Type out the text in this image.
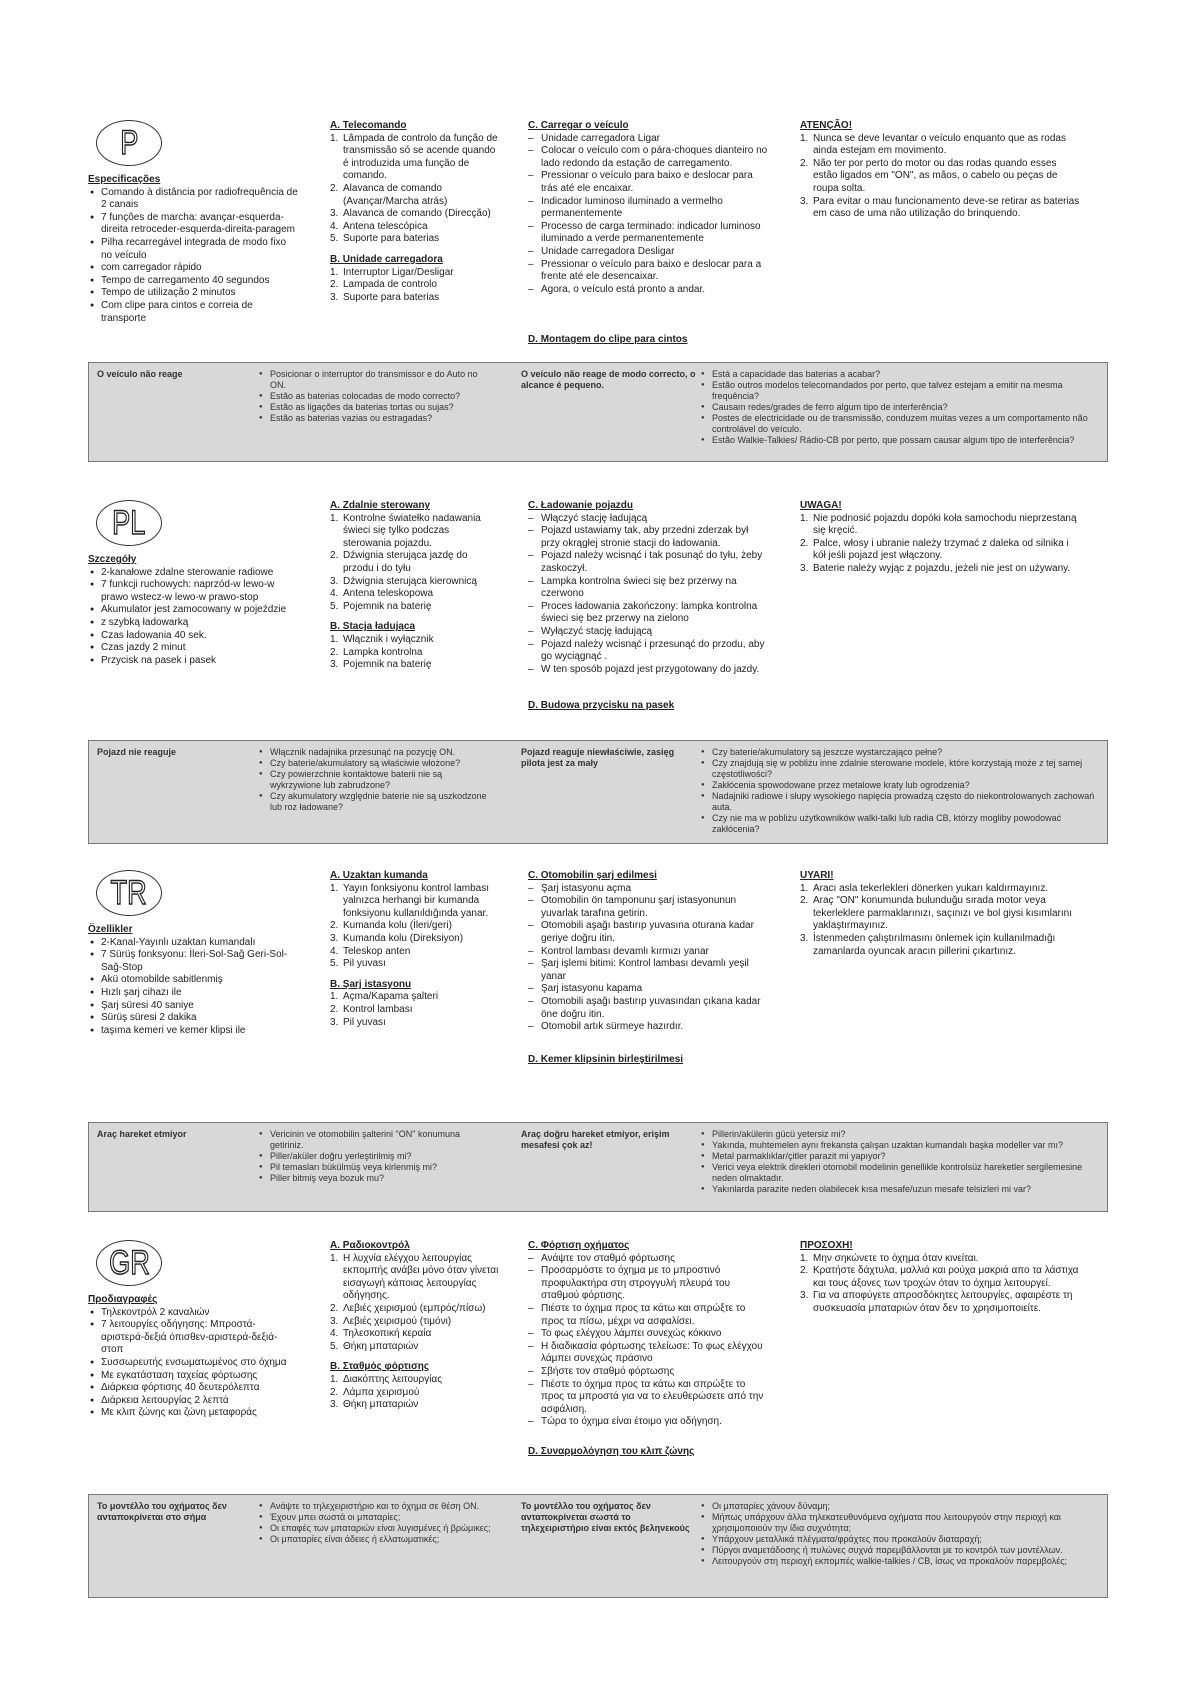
P
Especificações
● Comando à distância por radiofrequência de 2 canais
● 7 funções de marcha: avançar-esquerda-direita retroceder-esquerda-direita-paragem
● Pilha recarregável integrada de modo fixo no veículo
● com carregador rápido
● Tempo de carregamento 40 segundos
● Tempo de utilização 2 minutos
● Com clipe para cintos e correia de transporte
A. Telecomando
1. Lâmpada de controlo da função de transmissão só se acende quando é introduzida uma função de comando.
2. Alavanca de comando (Avançar/Marcha atrás)
3. Alavanca de comando (Direcção)
4. Antena telescópica
5. Suporte para baterias
B. Unidade carregadora
1. Interruptor Ligar/Desligar
2. Lampada de controlo
3. Suporte para baterias
C. Carregar o veículo
– Unidade carregadora Ligar
– Colocar o veículo com o pára-choques dianteiro no lado redondo da estação de carregamento.
– Pressionar o veículo para baixo e deslocar para trás até ele encaixar.
– Indicador luminoso iluminado a vermelho permanentemente
– Processo de carga terminado: indicador luminoso iluminado a verde permanentemente
– Unidade carregadora Desligar
– Pressionar o veículo para baixo e deslocar para a frente até ele desencaixar.
– Agora, o veículo está pronto a andar.
ATENÇÃO!
1. Nunca se deve levantar o veículo enquanto que as rodas ainda estejam em movimento.
2. Não ter por perto do motor ou das rodas quando esses estão ligados em "ON", as mãos, o cabelo ou peças de roupa solta.
3. Para evitar o mau funcionamento deve-se retirar as baterias em caso de uma não utilização do brinquendo.
D. Montagem do clipe para cintos
O veículo não reage	● Posicionar o interruptor do transmissor e do Auto no ON.
● Estão as baterias colocadas de modo correcto?
● Estão as ligações da baterias tortas ou sujas?
● Estão as baterias vazias ou estragadas?
O veículo não reage de modo correcto, o alcance é pequeno.
● Está a capacidade das baterias a acabar?
● Estão outros modelos telecomandados por perto, que talvez estejam a emitir na mesma frequência?
● Causam redes/grades de ferro algum tipo de interferência?
● Postes de electricidade ou de transmissão, conduzem muitas vezes a um comportamento não controlável do veículo.
● Estão Walkie-Talkies/ Rádio-CB por perto, que possam causar algum tipo de interferência?
PL
Szczegóły
● 2-kanałowe zdalne sterowanie radiowe
● 7 funkcji ruchowych: naprzód-w lewo-w prawo wstecz-w lewo-w prawo-stop
● Akumulator jest zamocowany w pojeździe
● z szybką ładowarką
● Czas ładowania 40 sek.
● Czas jazdy 2 minut
● Przycisk na pasek i pasek
A. Zdalnie sterowany
1. Kontrolne światełko nadawania świeci się tylko podczas sterowania pojazdu.
2. Dźwignia sterująca jazdę do przodu i do tyłu
3. Dźwignia sterująca kierownicą
4. Antena teleskopowa
5. Pojemnik na baterię
B. Stacja ładująca
1. Włącznik i wyłącznik
2. Lampka kontrolna
3. Pojemnik na baterię
C. Ładowanie pojazdu
– Włączyć stację ładującą
– Pojazd ustawiamy tak, aby przedni zderzak był przy okrągłej stronie stacji do ładowania.
– Pojazd należy wcisnąć i tak posunąć do tyłu, żeby zaskoczył.
– Lampka kontrolna świeci się bez przerwy na czerwono
– Proces ładowania zakończony: lampka kontrolna świeci się bez przerwy na zielono
– Wyłączyć stację ładującą
– Pojazd należy wcisnąć i przesunąć do przodu, aby go wyciągnąć .
– W ten sposób pojazd jest przygotowany do jazdy.
UWAGA!
1. Nie podnosić pojazdu dopóki koła samochodu nieprzestaną się kręcić.
2. Palce, włosy i ubranie należy trzymać z daleka od silnika i kół jeśli pojazd jest włączony.
3. Baterie należy wyjąc z pojazdu, jeżeli nie jest on używany.
D. Budowa przycisku na pasek
Pojazd nie reaguje	● Włącznik nadajnika przesunąć na pozycję ON.
● Czy baterie/akumulatory są właściwie włożone?
● Czy powierzchnie kontaktowe baterii nie są wykrzywione lub zabrudzone?
● Czy akumulatory względnie baterie nie są uszkodzone lub roz ładowane?
Pojazd reaguje niewłaściwie, zasięg pilota jest za mały
● Czy baterie/akumulatory są jeszcze wystarczająco pełne?
● Czy znajdują się w pobliżu inne zdalnie sterowane modele, które korzystają może z tej samej częstotliwości?
● Zakłócenia spowodowane przez metalowe kraty lub ogrodzenia?
● Nadajniki radiowe i słupy wysokiego napięcia prowadzą często do niekontrolowanych zachowań auta.
● Czy nie ma w pobliżu użytkowników walki-talki lub radia CB, którzy mogliby powodować zakłócenia?
TR
Özellikler
● 2-Kanal-Yayınlı uzaktan kumandalı
● 7 Sürüş fonksyonu: İleri-Sol-Sağ Geri-Sol-Sağ-Stop
● Akü otomobilde sabitlenmiş
● Hızlı şarj cihazı ile
● Şarj süresi 40 saniye
● Sürüş süresi 2 dakika
● taşıma kemeri ve kemer klipsi ile
A. Uzaktan kumanda
1. Yayın fonksiyonu kontrol lambası yalnızca herhangi bir kumanda fonksiyonu kullanıldığında yanar.
2. Kumanda kolu (İleri/geri)
3. Kumanda kolu (Direksiyon)
4. Teleskop anten
5. Pil yuvası
B. Şarj istasyonu
1. Açma/Kapama şalteri
2. Kontrol lambası
3. Pil yuvası
C. Otomobilin şarj edilmesi
– Şarj istasyonu açma
– Otomobilin ön tamponunu şarj istasyonunun yuvarlak tarafına getirin.
– Otomobili aşağı bastırıp yuvasına oturana kadar geriye doğru itin.
– Kontrol lambası devamlı kırmızı yanar
– Şarj işlemi bitimi: Kontrol lambası devamlı yeşil yanar
– Şarj istasyonu kapama
– Otomobili aşağı bastırıp yuvasından çıkana kadar öne doğru itin.
– Otomobil artık sürmeye hazırdır.
UYARI!
1. Aracı asla tekerlekleri dönerken yukarı kaldırmayınız.
2. Araç "ON" konumunda bulunduğu sırada motor veya tekerleklere parmaklarınızı, saçınızı ve bol giysi kısımlarını yaklaştırmayınız.
3. İstenmeden çalıştırılmasını önlemek için kullanılmadığı zamanlarda oyuncak aracın pillerini çıkartınız.
D. Kemer klipsinin birleştirilmesi
Araç hareket etmiyor	● Vericinin ve otomobilin şalterini "ON" konumuna getiriniz.
● Piller/aküler doğru yerleştirilmiş mi?
● Pil temasları bükülmüş veya kirlenmiş mi?
● Piller bitmiş veya bozuk mu?
Araç doğru hareket etmiyor, erişim mesafesi çok az!
● Pillerin/akülerin gücü yetersiz mi?
● Yakında, muhtemelen aynı frekansta çalışan uzaktan kumandalı başka modeller var mı?
● Metal parmaklıklar/çitler parazit mi yapıyor?
● Verici veya elektrik direkleri otomobil modelinin genellikle kontrolsüz hareketler sergilemesine neden olmaktadır.
● Yakınlarda parazite neden olabilecek kısa mesafe/uzun mesafe telsizleri mi var?
GR
Προδιαγραφές
● Τηλεκοντρόλ 2 καναλιών
● 7 λειτουργίες οδήγησης: Μπροστά-αριστερά-δεξιά όπισθεν-αριστερά-δεξιά-στοπ
● Συσσωρευτής ενσωματωμένος στο όχημα
● Με εγκατάσταση ταχείας φόρτωσης
● Διάρκεια φόρτισης 40 δευτερόλεπτα
● Διάρκεια λειτουργίας 2 λεπτά
● Με κλιπ ζώνης και ζώνη μεταφοράς
A. Ραδιοκοντρόλ
1. Η λυχνία ελέγχου λειτουργίας εκπομπής ανάβει μόνο όταν γίνεται εισαγωγή κάποιας λειτουργίας οδήγησης.
2. Λεβιές χειρισμού (εμπρός/πίσω)
3. Λεβιές χειρισμού (τιμόνι)
4. Τηλεσκοπική κεραία
5. Θήκη μπαταριών
B. Σταθμός φόρτισης
1. Διακόπτης λειτουργίας
2. Λάμπα χειρισμού
3. Θήκη μπαταριών
C. Φόρτιση οχήματος
– Ανάψτε τον σταθμό φόρτωσης
– Προσαρμόστε το όχημα με το μπροστινό προφυλακτήρα στη στρογγυλή πλευρά του σταθμού φόρτισης.
– Πιέστε το όχημα προς τα κάτω και σπρώξτε το προς τα πίσω, μέχρι να ασφαλίσει.
– Το φως ελέγχου λάμπει συνεχώς κόκκινο
– Η διαδικασία φόρτωσης τελείωσε: Το φως ελέγχου λάμπει συνεχώς πράσινο
– Σβήστε τον σταθμό φόρτωσης
– Πιέστε το όχημα προς τα κάτω και σπρώξτε το προς τα μπροστά για να το ελευθερώσετε από την ασφάλιση.
– Τώρα το όχημα είναι έτοιμο για οδήγηση.
ΠΡΟΣΟΧΗ!
1. Μην σηκώνετε το όχημα όταν κινείται.
2. Κρατήστε δάχτυλα, μαλλιά και ρούχα μακριά απο τα λάστιχα και τους άξονες των τροχών όταν το όχημα λειτουργεί.
3. Για να αποφύγετε απροσδόκητες λειτουργίες, αφαιρέστε τη συσκευασία μπαταριών όταν δεν το χρησιμοποιείτε.
D. Συναρμολόγηση του κλιπ ζώνης
Το μοντέλλο του οχήματος δεν ανταποκρίνεται στο σήμα
● Ανάψτε το τηλεχειριστήριο και το όχημα σε θέση ON.
● Έχουν μπει σωστά οι μπαταρίες;
● Οι επαφές των μπαταριών είναι λυγισμένες ή βρώμικες;
● Οι μπαταρίες είναι άδειες ή ελλατωματικές;
Το μοντέλλο του οχήματος δεν ανταποκρίνεται σωστά το τηλεχειριστήριο είναι εκτός βεληνεκούς
● Οι μπαταρίες χάνουν δύναμη;
● Μήπως υπάρχουν άλλα τηλεκατευθυνόμενα οχήματα που λειτουργούν στην περιοχή και χρησιμοποιούν την ίδια συχνότητα;
● Υπάρχουν μεταλλικά πλέγματα/φράχτες που προκαλούν διαταραχή;
● Πύργοι αναμετάδοσης ή πυλώνες συχνά παρεμβάλλονται με το κοντρόλ των μοντέλλων.
● Λειτουργούν στη περιοχή εκπομπές walkie-talkies / CB, ίσως να προκαλούν παρεμβολές;
